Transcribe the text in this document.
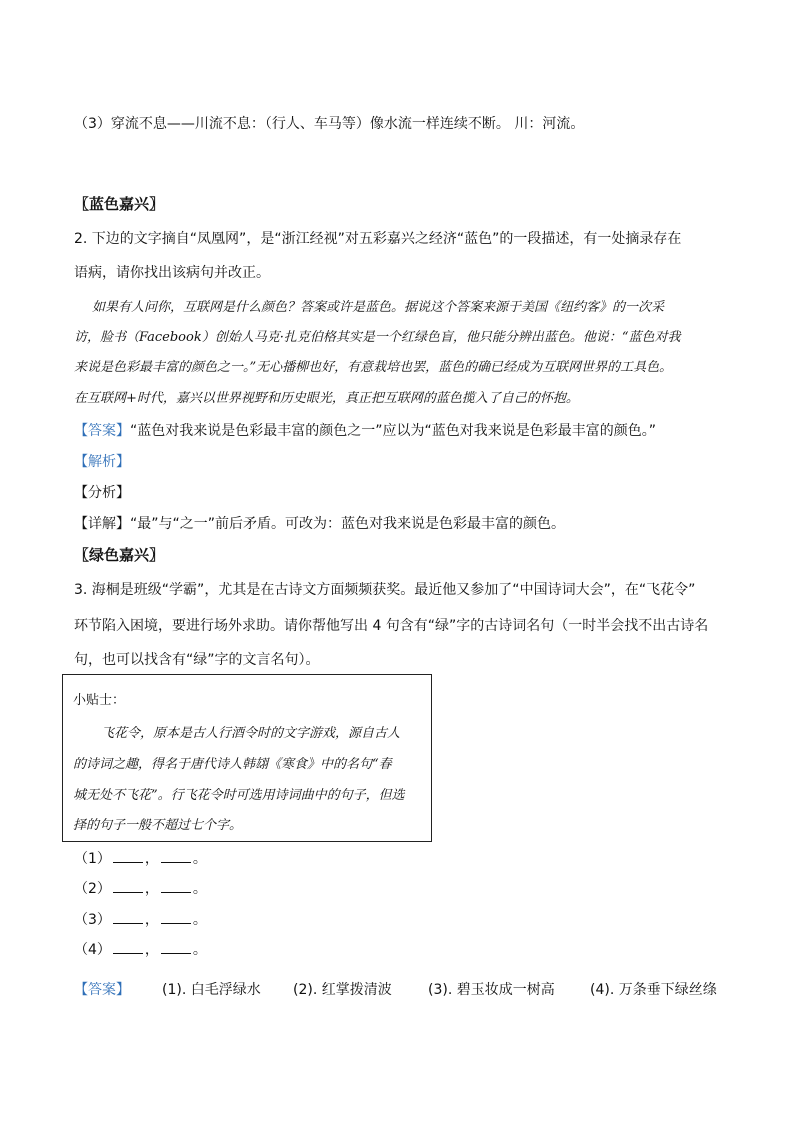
（3）穿流不息——川流不息：（行人、车马等）像水流一样连续不断。 川：河流。
〖蓝色嘉兴〗
2. 下边的文字摘自“凤凰网”，是“浙江经视”对五彩嘉兴之经济“蓝色”的一段描述，有一处摘录存在
语病，请你找出该病句并改正。
如果有人问你，互联网是什么颜色？答案或许是蓝色。据说这个答案来源于美国《纽约客》的一次采
访，脸书（Facebook）创始人马克·扎克伯格其实是一个红绿色盲，他只能分辨出蓝色。他说：“蓝色对我
来说是色彩最丰富的颜色之一。”无心播柳也好，有意栽培也罢，蓝色的确已经成为互联网世界的工具色。
在互联网+时代，嘉兴以世界视野和历史眼光，真正把互联网的蓝色揽入了自己的怀抱。
【答案】“蓝色对我来说是色彩最丰富的颜色之一”应以为“蓝色对我来说是色彩最丰富的颜色。”
【解析】
【分析】
【详解】“最”与“之一”前后矛盾。可改为：蓝色对我来说是色彩最丰富的颜色。
〖绿色嘉兴〗
3. 海桐是班级“学霸”，尤其是在古诗文方面频频获奖。最近他又参加了“中国诗词大会”，在“飞花令”
环节陷入困境，要进行场外求助。请你帮他写出 4 句含有“绿”字的古诗词名句（一时半会找不出古诗名
句，也可以找含有“绿”字的文言名句）。
小贴士：
飞花令，原本是古人行酒令时的文字游戏，源自古人
的诗词之趣，得名于唐代诗人韩翃《寒食》中的名句“春
城无处不飞花”。行飞花令时可选用诗词曲中的句子，但选
择的句子一般不超过七个字。
（1） ， 。
（2） ， 。
（3） ， 。
（4） ， 。
【答案】 (1). 白毛浮绿水 (2). 红掌拨清波	(3). 碧玉妆成一树高	(4). 万条垂下绿丝绦
